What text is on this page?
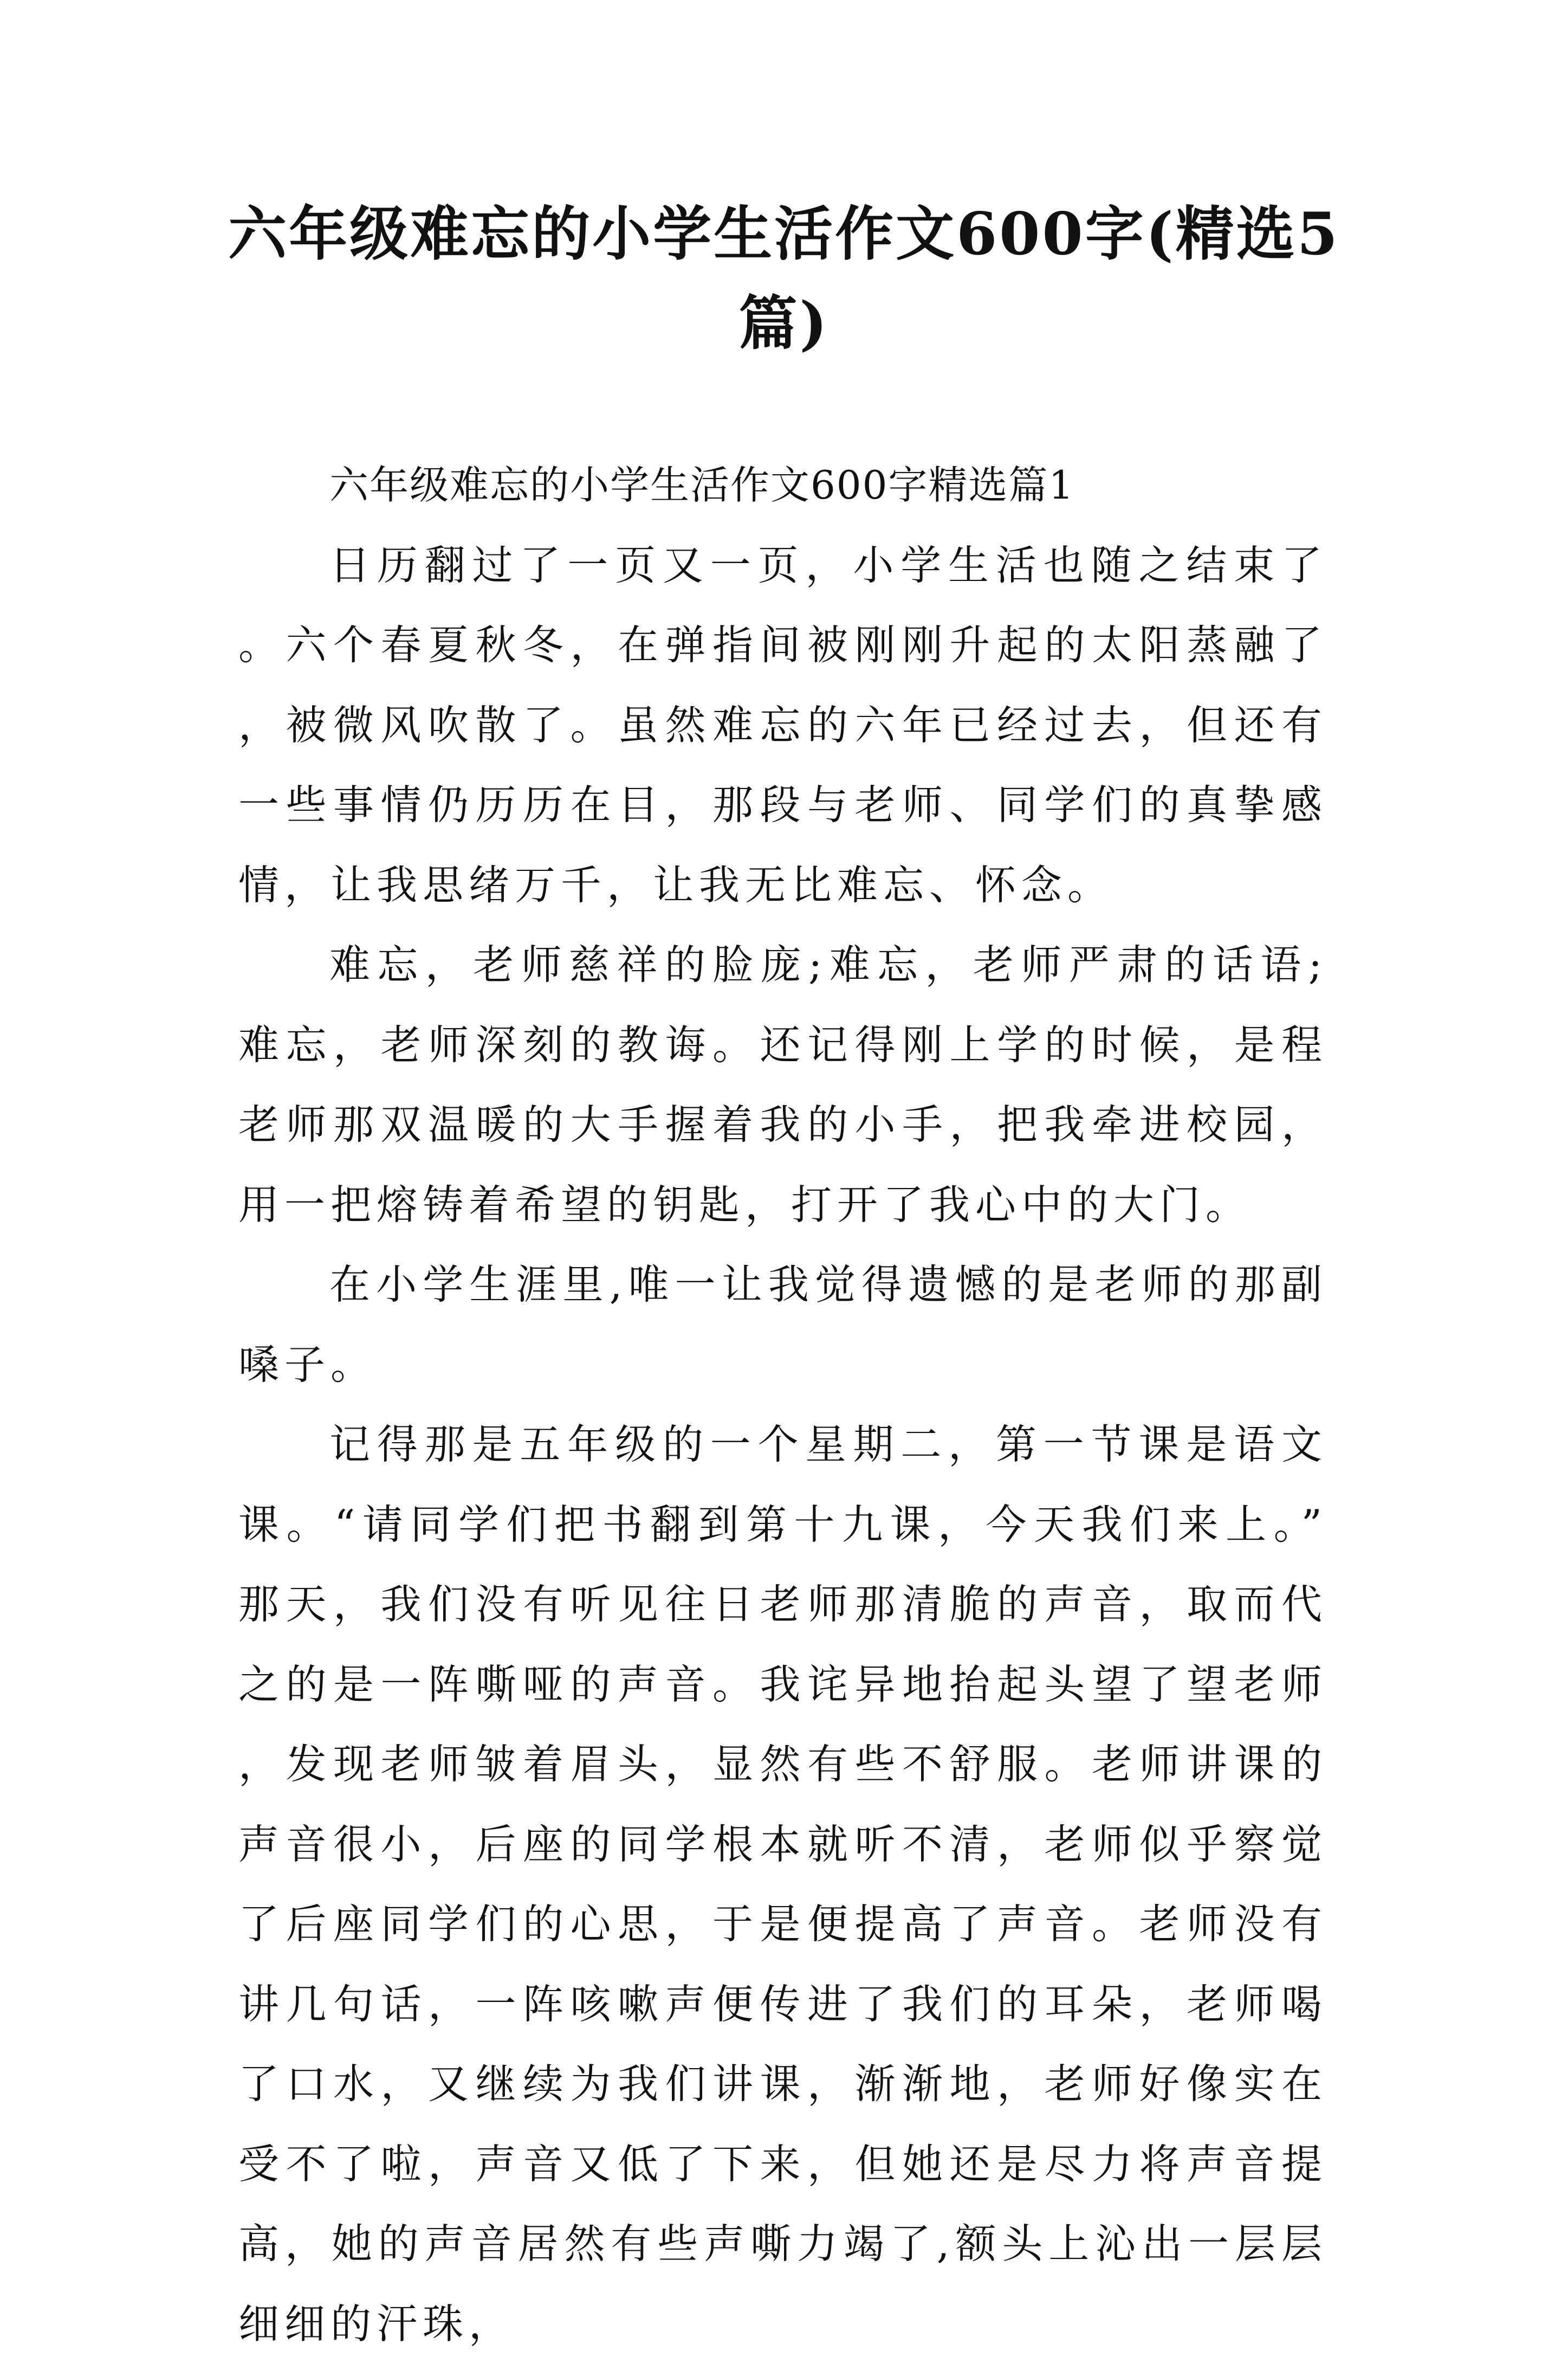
六年级难忘的小学生活作文600字(精选5篇)
六年级难忘的小学生活作文600字精选篇1

日历翻过了一页又一页，小学生活也随之结束了。六个春夏秋冬，在弹指间被刚刚升起的太阳蒸融了，被微风吹散了。虽然难忘的六年已经过去，但还有一些事情仍历历在目，那段与老师、同学们的真挚感情，让我思绪万千，让我无比难忘、怀念。

难忘，老师慈祥的脸庞;难忘，老师严肃的话语;难忘，老师深刻的教诲。还记得刚上学的时候，是程老师那双温暖的大手握着我的小手，把我牵进校园，用一把熔铸着希望的钥匙，打开了我心中的大门。

在小学生涯里,唯一让我觉得遗憾的是老师的那副嗓子。

记得那是五年级的一个星期二，第一节课是语文课。“请同学们把书翻到第十九课，今天我们来上。”那天，我们没有听见往日老师那清脆的声音，取而代之的是一阵嘶哑的声音。我诧异地抬起头望了望老师，发现老师皱着眉头，显然有些不舒服。老师讲课的声音很小，后座的同学根本就听不清，老师似乎察觉了后座同学们的心思，于是便提高了声音。老师没有讲几句话，一阵咳嗽声便传进了我们的耳朵，老师喝了口水，又继续为我们讲课，渐渐地，老师好像实在受不了啦，声音又低了下来，但她还是尽力将声音提高，她的声音居然有些声嘶力竭了,额头上沁出一层层细细的汗珠，
